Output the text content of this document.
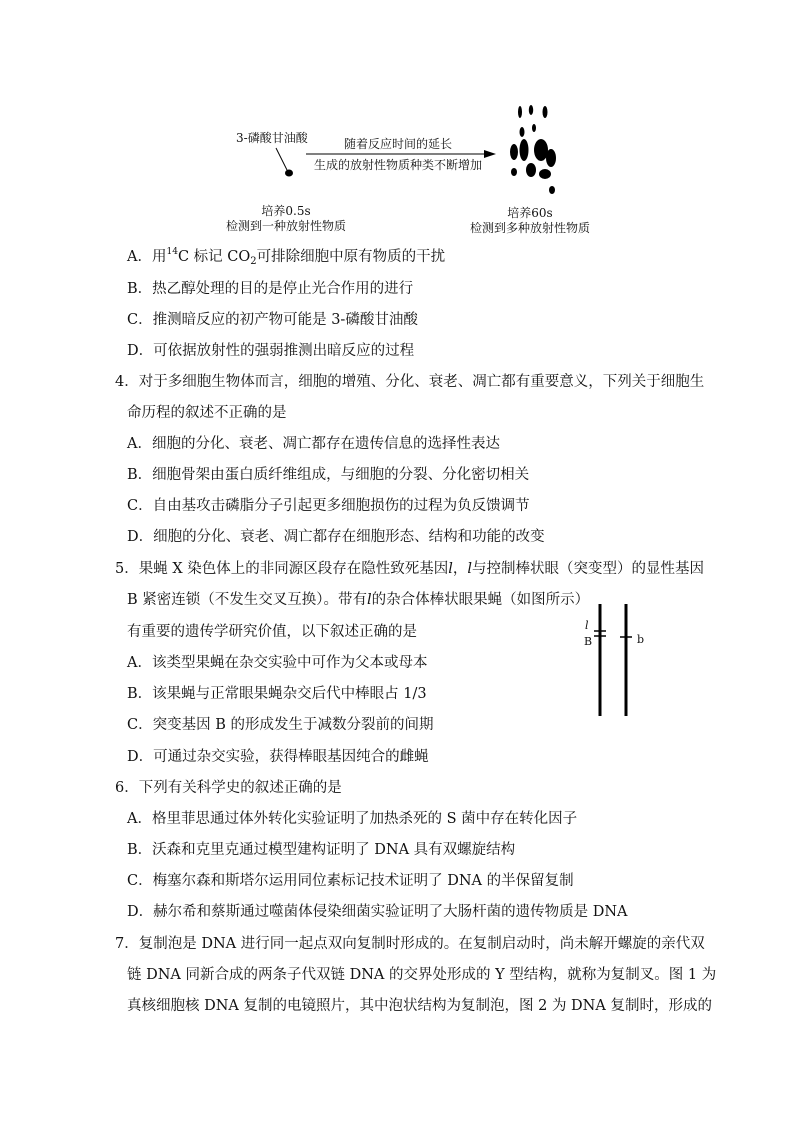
3-磷酸甘油酸	随着反应时间的延长
生成的放射性物质种类不断增加
培养0.5s
检测到一种放射性物质
培养60s
检测到多种放射性物质
A．用$^{14}$C 标记 $CO_2$可排除细胞中原有物质的干扰
B．热乙醇处理的目的是停止光合作用的进行
C．推测暗反应的初产物可能是 3-磷酸甘油酸
D．可依据放射性的强弱推测出暗反应的过程
4．对于多细胞生物体而言，细胞的增殖、分化、衰老、凋亡都有重要意义，下列关于细胞生
命历程的叙述不正确的是
A．细胞的分化、衰老、凋亡都存在遗传信息的选择性表达
B．细胞骨架由蛋白质纤维组成，与细胞的分裂、分化密切相关
C．自由基攻击磷脂分子引起更多细胞损伤的过程为负反馈调节
D．细胞的分化、衰老、凋亡都存在细胞形态、结构和功能的改变
5．果蝇 X 染色体上的非同源区段存在隐性致死基因l，l与控制棒状眼（突变型）的显性基因
B 紧密连锁（不发生交叉互换）。带有l的杂合体棒状眼果蝇（如图所示）
有重要的遗传学研究价值，以下叙述正确的是
A．该类型果蝇在杂交实验中可作为父本或母本
B．该果蝇与正常眼果蝇杂交后代中棒眼占 1/3
C．突变基因 B 的形成发生于减数分裂前的间期
D．可通过杂交实验，获得棒眼基因纯合的雌蝇
l
B	b
6．下列有关科学史的叙述正确的是
A．格里菲思通过体外转化实验证明了加热杀死的 S 菌中存在转化因子
B．沃森和克里克通过模型建构证明了 DNA 具有双螺旋结构
C．梅塞尔森和斯塔尔运用同位素标记技术证明了 DNA 的半保留复制
D．赫尔希和蔡斯通过噬菌体侵染细菌实验证明了大肠杆菌的遗传物质是 DNA
7．复制泡是 DNA 进行同一起点双向复制时形成的。在复制启动时，尚未解开螺旋的亲代双
链 DNA 同新合成的两条子代双链 DNA 的交界处形成的 Y 型结构，就称为复制叉。图 1 为
真核细胞核 DNA 复制的电镜照片，其中泡状结构为复制泡，图 2 为 DNA 复制时，形成的
